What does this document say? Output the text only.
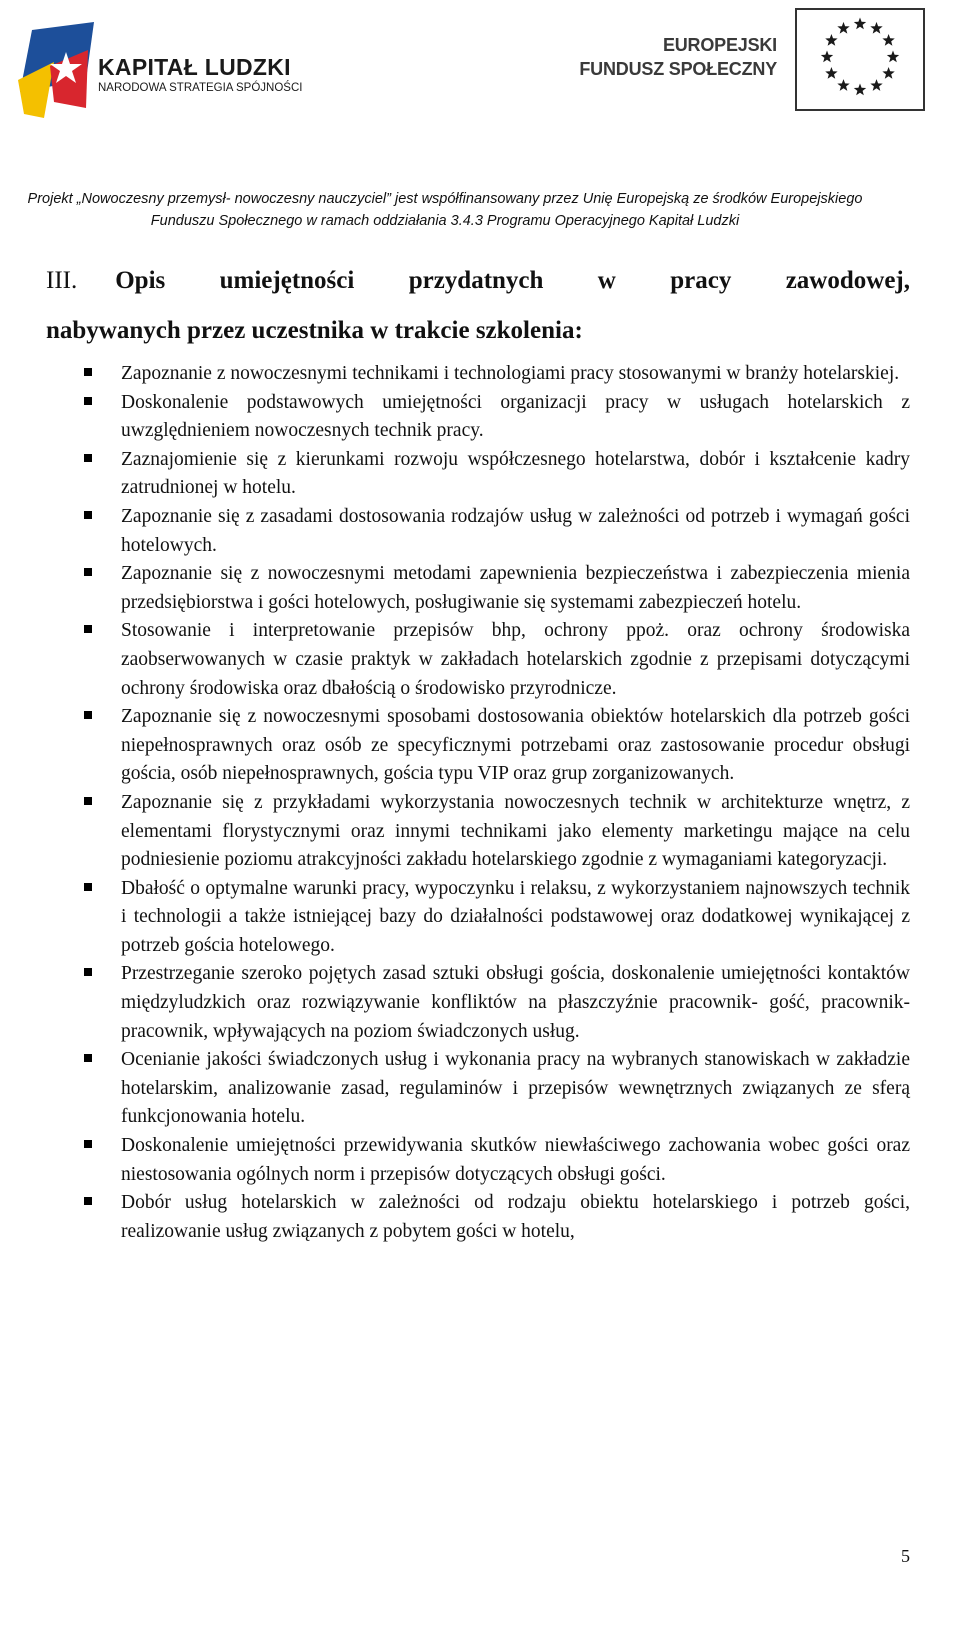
KAPITAŁ LUDZKI
NARODOWA STRATEGIA SPÓJNOŚCI
EUROPEJSKI
FUNDUSZ SPOŁECZNY
Projekt „Nowoczesny przemysł- nowoczesny nauczyciel” jest współfinansowany przez Unię Europejską ze środków Europejskiego
Funduszu Społecznego w ramach oddziałania 3.4.3 Programu Operacyjnego Kapitał Ludzki
III. Opis umiejętności przydatnych w pracy zawodowej,
nabywanych przez uczestnika w trakcie szkolenia:
Zapoznanie z nowoczesnymi technikami i technologiami pracy stosowanymi w branży hotelarskiej.
Doskonalenie podstawowych umiejętności organizacji pracy w usługach hotelarskich z uwzględnieniem nowoczesnych technik pracy.
Zaznajomienie się z kierunkami rozwoju współczesnego hotelarstwa, dobór i kształcenie kadry zatrudnionej w hotelu.
Zapoznanie się z zasadami dostosowania rodzajów usług w zależności od potrzeb i wymagań gości hotelowych.
Zapoznanie się z nowoczesnymi metodami zapewnienia bezpieczeństwa i zabezpieczenia mienia przedsiębiorstwa i gości hotelowych, posługiwanie się systemami zabezpieczeń hotelu.
Stosowanie i interpretowanie przepisów bhp, ochrony ppoż. oraz ochrony środowiska zaobserwowanych w czasie praktyk w zakładach hotelarskich zgodnie z przepisami dotyczącymi ochrony środowiska oraz dbałością o środowisko przyrodnicze.
Zapoznanie się z nowoczesnymi sposobami dostosowania obiektów hotelarskich dla potrzeb gości niepełnosprawnych oraz osób ze specyficznymi potrzebami oraz zastosowanie procedur obsługi gościa, osób niepełnosprawnych, gościa typu VIP oraz grup zorganizowanych.
Zapoznanie się z przykładami wykorzystania nowoczesnych technik w architekturze wnętrz, z elementami florystycznymi oraz innymi technikami jako elementy marketingu mające na celu podniesienie poziomu atrakcyjności zakładu hotelarskiego zgodnie z wymaganiami kategoryzacji.
Dbałość o optymalne warunki pracy, wypoczynku i relaksu, z wykorzystaniem najnowszych technik i technologii a także istniejącej bazy do działalności podstawowej oraz dodatkowej wynikającej z potrzeb gościa hotelowego.
Przestrzeganie szeroko pojętych zasad sztuki obsługi gościa, doskonalenie umiejętności kontaktów międzyludzkich oraz rozwiązywanie konfliktów na płaszczyźnie pracownik- gość, pracownik-pracownik, wpływających na poziom świadczonych usług.
Ocenianie jakości świadczonych usług i wykonania pracy na wybranych stanowiskach w zakładzie hotelarskim, analizowanie zasad, regulaminów i przepisów wewnętrznych związanych ze sferą funkcjonowania hotelu.
Doskonalenie umiejętności przewidywania skutków niewłaściwego zachowania wobec gości oraz niestosowania ogólnych norm i przepisów dotyczących obsługi gości.
Dobór usług hotelarskich w zależności od rodzaju obiektu hotelarskiego i potrzeb gości, realizowanie usług związanych z pobytem gości w hotelu,
5
